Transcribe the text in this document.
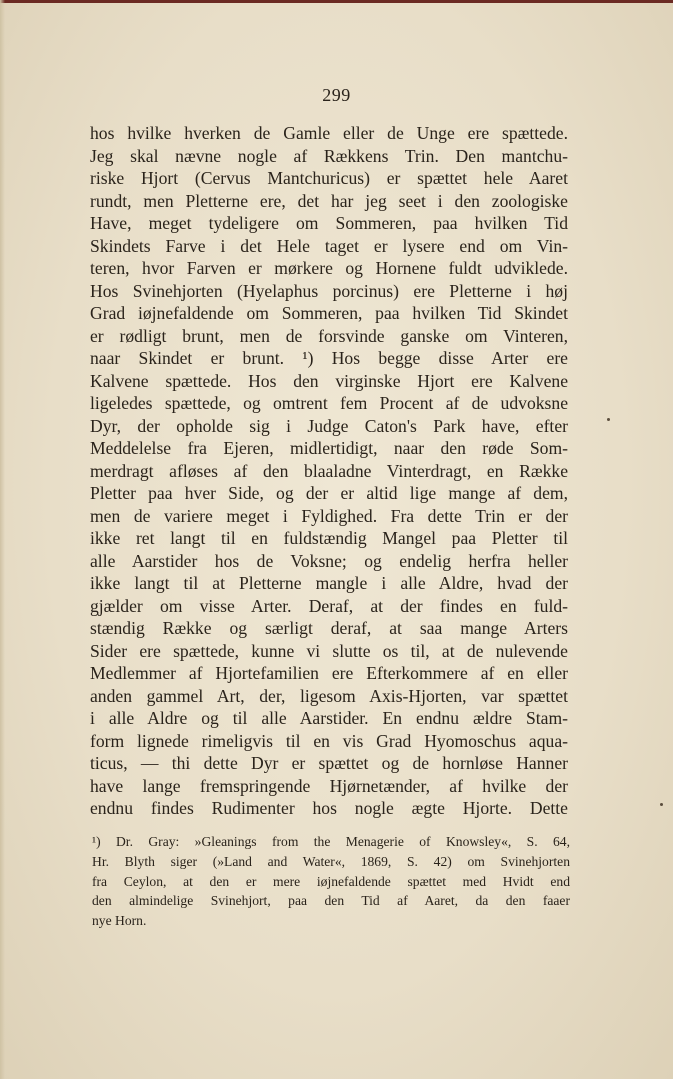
299
hos hvilke hverken de Gamle eller de Unge ere spættede.
Jeg skal nævne nogle af Rækkens Trin. Den mantchu-
riske Hjort (Cervus Mantchuricus) er spættet hele Aaret
rundt, men Pletterne ere, det har jeg seet i den zoologiske
Have, meget tydeligere om Sommeren, paa hvilken Tid
Skindets Farve i det Hele taget er lysere end om Vin-
teren, hvor Farven er mørkere og Hornene fuldt udviklede.
Hos Svinehjorten (Hyelaphus porcinus) ere Pletterne i høj
Grad iøjnefaldende om Sommeren, paa hvilken Tid Skindet
er rødligt brunt, men de forsvinde ganske om Vinteren,
naar Skindet er brunt. ¹) Hos begge disse Arter ere
Kalvene spættede. Hos den virginske Hjort ere Kalvene
ligeledes spættede, og omtrent fem Procent af de udvoksne
Dyr, der opholde sig i Judge Caton's Park have, efter
Meddelelse fra Ejeren, midlertidigt, naar den røde Som-
merdragt afløses af den blaaladne Vinterdragt, en Række
Pletter paa hver Side, og der er altid lige mange af dem,
men de variere meget i Fyldighed. Fra dette Trin er der
ikke ret langt til en fuldstændig Mangel paa Pletter til
alle Aarstider hos de Voksne; og endelig herfra heller
ikke langt til at Pletterne mangle i alle Aldre, hvad der
gjælder om visse Arter. Deraf, at der findes en fuld-
stændig Række og særligt deraf, at saa mange Arters
Sider ere spættede, kunne vi slutte os til, at de nulevende
Medlemmer af Hjortefamilien ere Efterkommere af en eller
anden gammel Art, der, ligesom Axis-Hjorten, var spættet
i alle Aldre og til alle Aarstider. En endnu ældre Stam-
form lignede rimeligvis til en vis Grad Hyomoschus aqua-
ticus, — thi dette Dyr er spættet og de hornløse Hanner
have lange fremspringende Hjørnetænder, af hvilke der
endnu findes Rudimenter hos nogle ægte Hjorte. Dette
¹) Dr. Gray: »Gleanings from the Menagerie of Knowsley«, S. 64,
Hr. Blyth siger (»Land and Water«, 1869, S. 42) om Svinehjorten
fra Ceylon, at den er mere iøjnefaldende spættet med Hvidt end
den almindelige Svinehjort, paa den Tid af Aaret, da den faaer
nye Horn.
